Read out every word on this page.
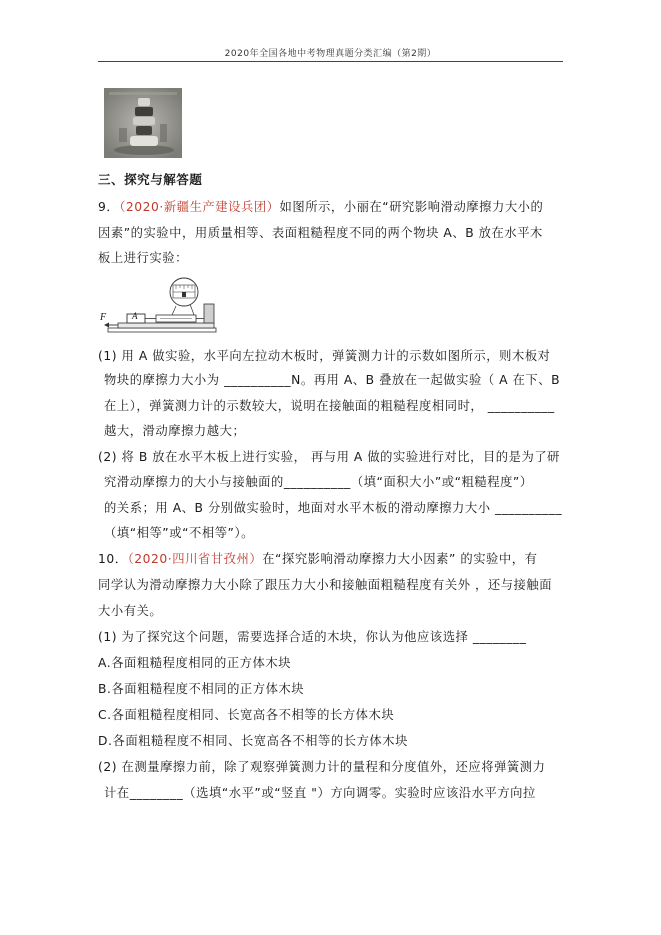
2020年全国各地中考物理真题分类汇编（第2期）
三、探究与解答题
9．（2020·新疆生产建设兵团）如图所示，小丽在“研究影响滑动摩擦力大小的
因素”的实验中，用质量相等、表面粗糙程度不同的两个物块 A、B 放在水平木
板上进行实验：
F	A
(1) 用 A 做实验，水平向左拉动木板时，弹簧测力计的示数如图所示，则木板对
物块的摩擦力大小为 __________N。再用 A、B 叠放在一起做实验（ A 在下、B
在上），弹簧测力计的示数较大，说明在接触面的粗糙程度相同时， __________
越大，滑动摩擦力越大；
(2) 将 B 放在水平木板上进行实验， 再与用 A 做的实验进行对比，目的是为了研
究滑动摩擦力的大小与接触面的__________（填“面积大小”或“粗糙程度”）
的关系；用 A、B 分别做实验时，地面对水平木板的滑动摩擦力大小 __________
（填“相等”或“不相等”）。
10．（2020·四川省甘孜州）在“探究影响滑动摩擦力大小因素” 的实验中，有
同学认为滑动摩擦力大小除了跟压力大小和接触面粗糙程度有关外 ，还与接触面
大小有关。
(1) 为了探究这个问题，需要选择合适的木块，你认为他应该选择 ________
A.各面粗糙程度相同的正方体木块
B.各面粗糙程度不相同的正方体木块
C.各面粗糙程度相同、长宽高各不相等的长方体木块
D.各面粗糙程度不相同、长宽高各不相等的长方体木块
(2) 在测量摩擦力前，除了观察弹簧测力计的量程和分度值外，还应将弹簧测力
计在________（选填“水平”或“竖直 "）方向调零。实验时应该沿水平方向拉
